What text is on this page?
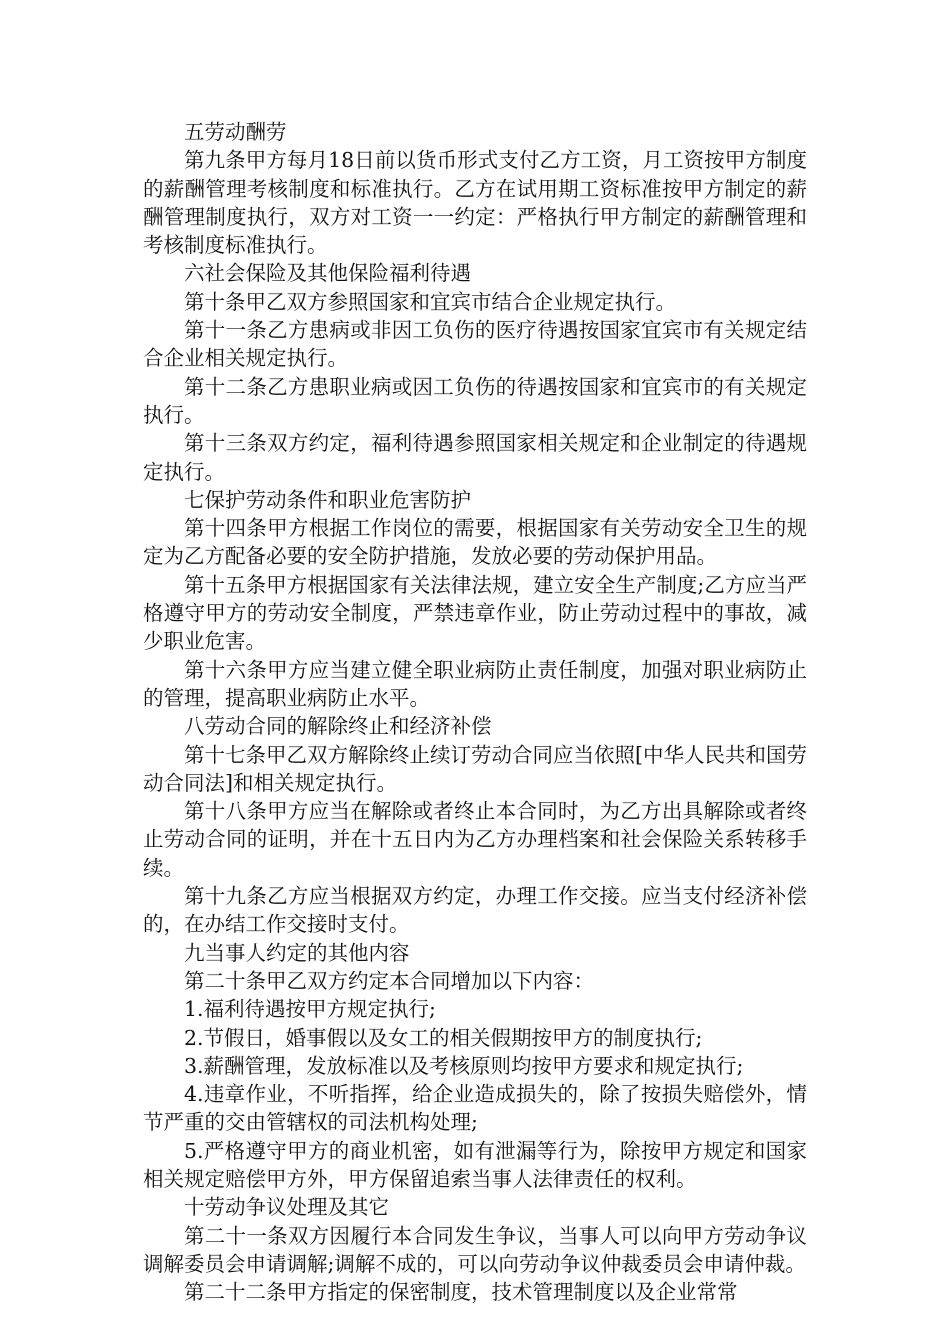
五劳动酬劳

第九条甲方每月18日前以货币形式支付乙方工资，月工资按甲方制度的薪酬管理考核制度和标准执行。乙方在试用期工资标准按甲方制定的薪酬管理制度执行，双方对工资一一约定：严格执行甲方制定的薪酬管理和考核制度标准执行。

六社会保险及其他保险福利待遇

第十条甲乙双方参照国家和宜宾市结合企业规定执行。

第十一条乙方患病或非因工负伤的医疗待遇按国家宜宾市有关规定结合企业相关规定执行。

第十二条乙方患职业病或因工负伤的待遇按国家和宜宾市的有关规定执行。

第十三条双方约定，福利待遇参照国家相关规定和企业制定的待遇规定执行。

七保护劳动条件和职业危害防护

第十四条甲方根据工作岗位的需要，根据国家有关劳动安全卫生的规定为乙方配备必要的安全防护措施，发放必要的劳动保护用品。

第十五条甲方根据国家有关法律法规，建立安全生产制度;乙方应当严格遵守甲方的劳动安全制度，严禁违章作业，防止劳动过程中的事故，减少职业危害。

第十六条甲方应当建立健全职业病防止责任制度，加强对职业病防止的管理，提高职业病防止水平。

八劳动合同的解除终止和经济补偿

第十七条甲乙双方解除终止续订劳动合同应当依照[中华人民共和国劳动合同法]和相关规定执行。

第十八条甲方应当在解除或者终止本合同时，为乙方出具解除或者终止劳动合同的证明，并在十五日内为乙方办理档案和社会保险关系转移手续。

第十九条乙方应当根据双方约定，办理工作交接。应当支付经济补偿的，在办结工作交接时支付。

九当事人约定的其他内容

第二十条甲乙双方约定本合同增加以下内容：

1.福利待遇按甲方规定执行;

2.节假日，婚事假以及女工的相关假期按甲方的制度执行;

3.薪酬管理，发放标准以及考核原则均按甲方要求和规定执行;

4.违章作业，不听指挥，给企业造成损失的，除了按损失赔偿外，情节严重的交由管辖权的司法机构处理;

5.严格遵守甲方的商业机密，如有泄漏等行为，除按甲方规定和国家相关规定赔偿甲方外，甲方保留追索当事人法律责任的权利。

十劳动争议处理及其它

第二十一条双方因履行本合同发生争议，当事人可以向甲方劳动争议调解委员会申请调解;调解不成的，可以向劳动争议仲裁委员会申请仲裁。

第二十二条甲方指定的保密制度，技术管理制度以及企业常常
